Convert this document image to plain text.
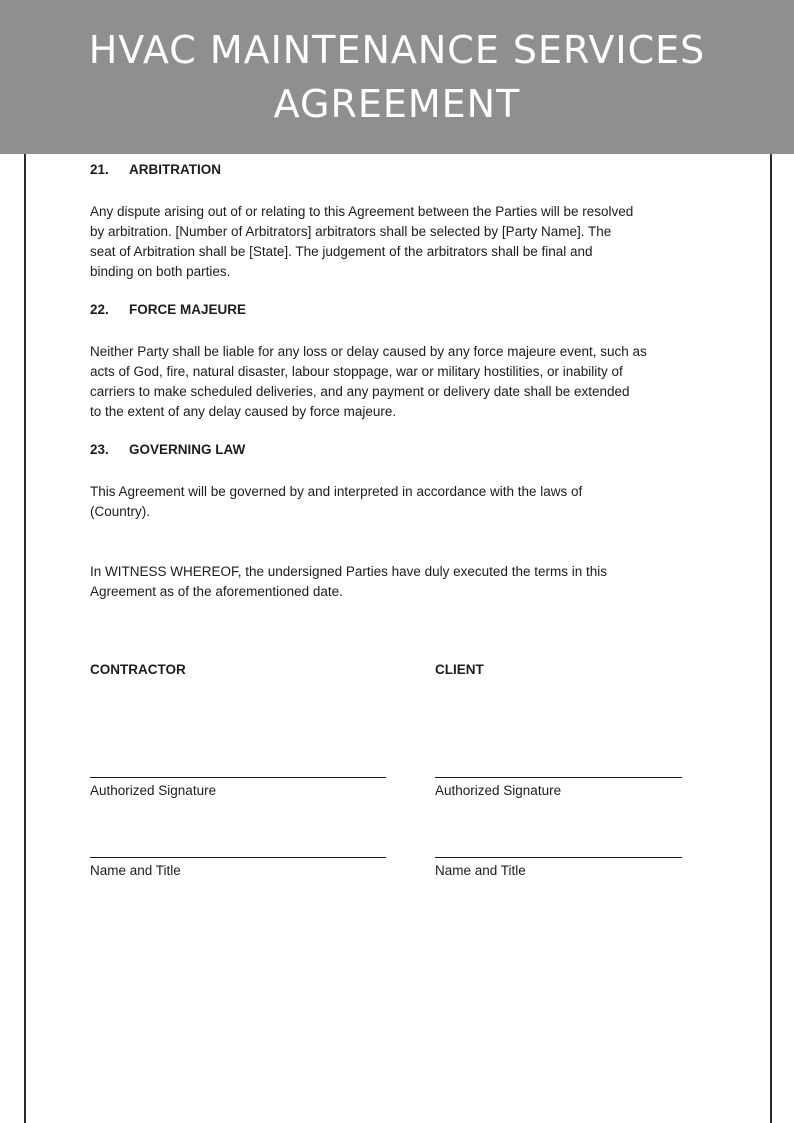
HVAC MAINTENANCE SERVICES
AGREEMENT
21. ARBITRATION
Any dispute arising out of or relating to this Agreement between the Parties will be resolved
by arbitration. [Number of Arbitrators] arbitrators shall be selected by [Party Name]. The
seat of Arbitration shall be [State]. The judgement of the arbitrators shall be final and
binding on both parties.
22. FORCE MAJEURE
Neither Party shall be liable for any loss or delay caused by any force majeure event, such as
acts of God, fire, natural disaster, labour stoppage, war or military hostilities, or inability of
carriers to make scheduled deliveries, and any payment or delivery date shall be extended
to the extent of any delay caused by force majeure.
23. GOVERNING LAW
This Agreement will be governed by and interpreted in accordance with the laws of
(Country).
In WITNESS WHEREOF, the undersigned Parties have duly executed the terms in this
Agreement as of the aforementioned date.
CONTRACTOR
Authorized Signature
Name and Title
CLIENT
Authorized Signature
Name and Title
